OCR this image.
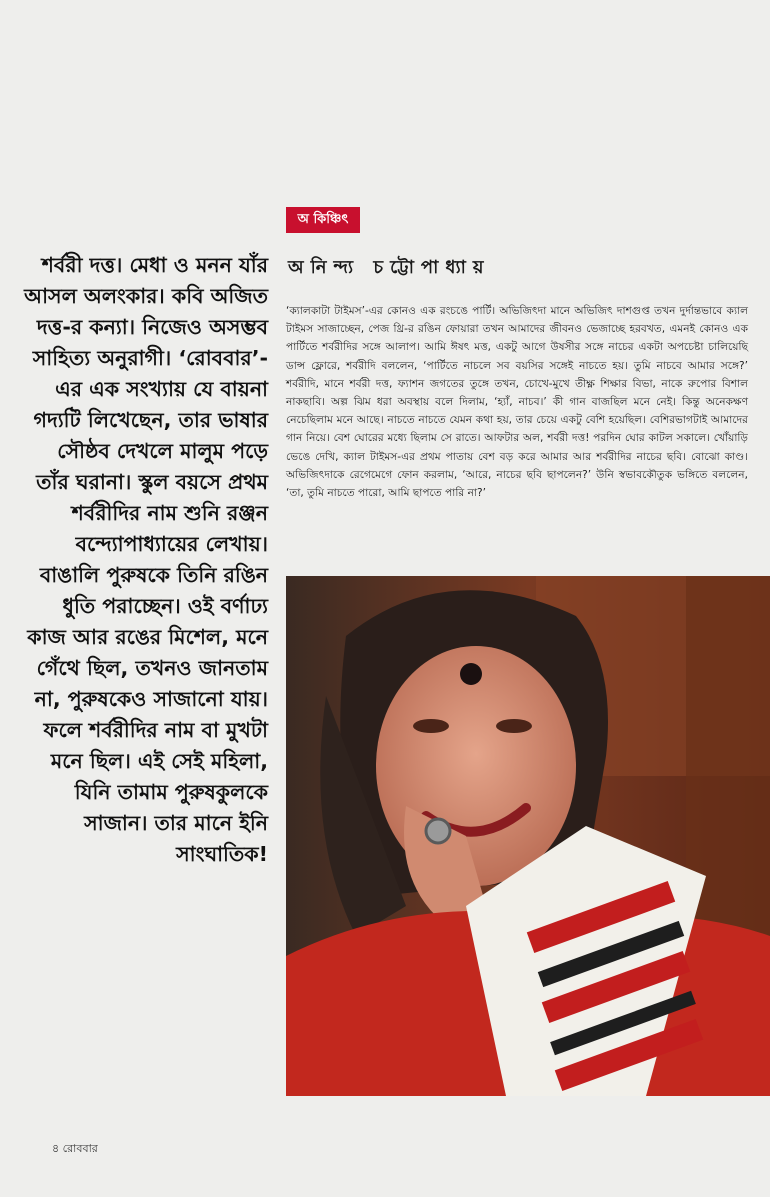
অ কিঞ্চিৎ
অনিন্দ্য চট্টোপাধ্যায়

শর্বরী দত্ত। মেধা ও মনন যাঁর আসল অলংকার। কবি অজিত দত্ত-র কন্যা। নিজেও অসম্ভব সাহিত্য অনুরাগী। ‘রোববার’-এর এক সংখ্যায় যে বায়না গদ্যটি লিখেছেন, তার ভাষার সৌষ্ঠব দেখলে মালুম পড়ে তাঁর ঘরানা। স্কুল বয়সে প্রথম শর্বরীদির নাম শুনি রঞ্জন বন্দ্যোপাধ্যায়ের লেখায়। বাঙালি পুরুষকে তিনি রঙিন ধুতি পরাচ্ছেন। ওই বর্ণাঢ্য কাজ আর রঙের মিশেল, মনে গেঁথে ছিল, তখনও জানতাম না, পুরুষকেও সাজানো যায়। ফলে শর্বরীদির নাম বা মুখটা মনে ছিল। এই সেই মহিলা, যিনি তামাম পুরুষকুলকে সাজান। তার মানে ইনি সাংঘাতিক!

‘ক্যালকাটা টাইমস’-এর কোনও এক রংচঙে পার্টি। অভিজিৎদা মানে অভিজিৎ দাশগুপ্ত তখন দুর্দান্তভাবে ক্যাল টাইমস সাজাচ্ছেন, পেজ থ্রি-র রঙিন ফোয়ারা তখন আমাদের জীবনও ভেজাচ্ছে হরবখত, এমনই কোনও এক পার্টিতে শর্বরীদির সঙ্গে আলাপ। আমি ঈষৎ মত্ত, একটু আগে উষসীর সঙ্গে নাচের একটা অপচেষ্টা চালিয়েছি ডান্স ফ্লোরে, শর্বরীদি বললেন, ‘পার্টিতে নাচলে সব বয়সির সঙ্গেই নাচতে হয়। তুমি নাচবে আমার সঙ্গে?’ শর্বরীদি, মানে শর্বরী দত্ত, ফ্যাশন জগতের তুঙ্গে তখন, চোখে-মুখে তীক্ষ্ণ শিক্ষার বিভা, নাকে রুপোর বিশাল নাকছাবি। অল্প ঝিম ধরা অবস্থায় বলে দিলাম, ‘হ্যাঁ, নাচব।’ কী গান বাজছিল মনে নেই। কিন্তু অনেকক্ষণ নেচেছিলাম মনে আছে। নাচতে নাচতে যেমন কথা হয়, তার চেয়ে একটু বেশি হয়েছিল। বেশিরভাগটাই আমাদের গান নিয়ে। বেশ ঘোরের মধ্যে ছিলাম সে রাতে। আফটার অল, শর্বরী দত্ত! পরদিন ঘোর কাটল সকালে। খোঁয়াড়ি ভেঙে দেখি, ক্যাল টাইমস-এর প্রথম পাতায় বেশ বড় করে আমার আর শর্বরীদির নাচের ছবি। বোঝো কাণ্ড। অভিজিৎদাকে রেগেমেগে ফোন করলাম, ‘আরে, নাচের ছবি ছাপলেন?’ উনি স্বভাবকৌতুক ভঙ্গিতে বললেন, ‘তা, তুমি নাচতে পারো, আমি ছাপতে পারি না?’

৪ রোববার
